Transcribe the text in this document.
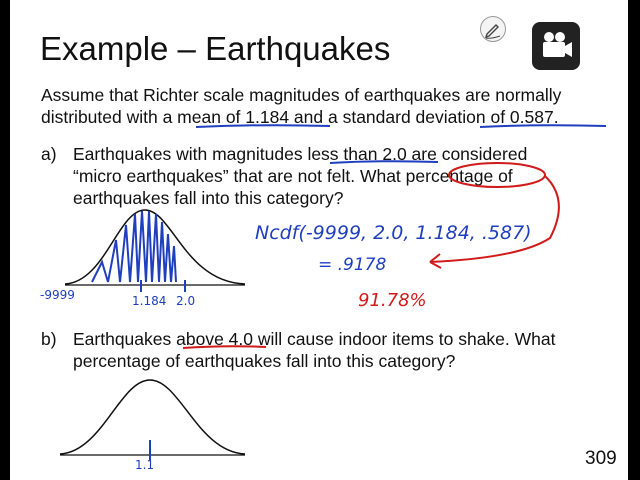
Example – Earthquakes
Assume that Richter scale magnitudes of earthquakes are normally
distributed with a mean of 1.184 and a standard deviation of 0.587.
a) Earthquakes with magnitudes less than 2.0 are considered
“micro earthquakes” that are not felt. What percentage of
earthquakes fall into this category?
b) Earthquakes above 4.0 will cause indoor items to shake. What
percentage of earthquakes fall into this category?
Ncdf(-9999, 2.0, 1.184, .587)
= .9178
91.78%
-9999	1.184 2.0
1.1	309
